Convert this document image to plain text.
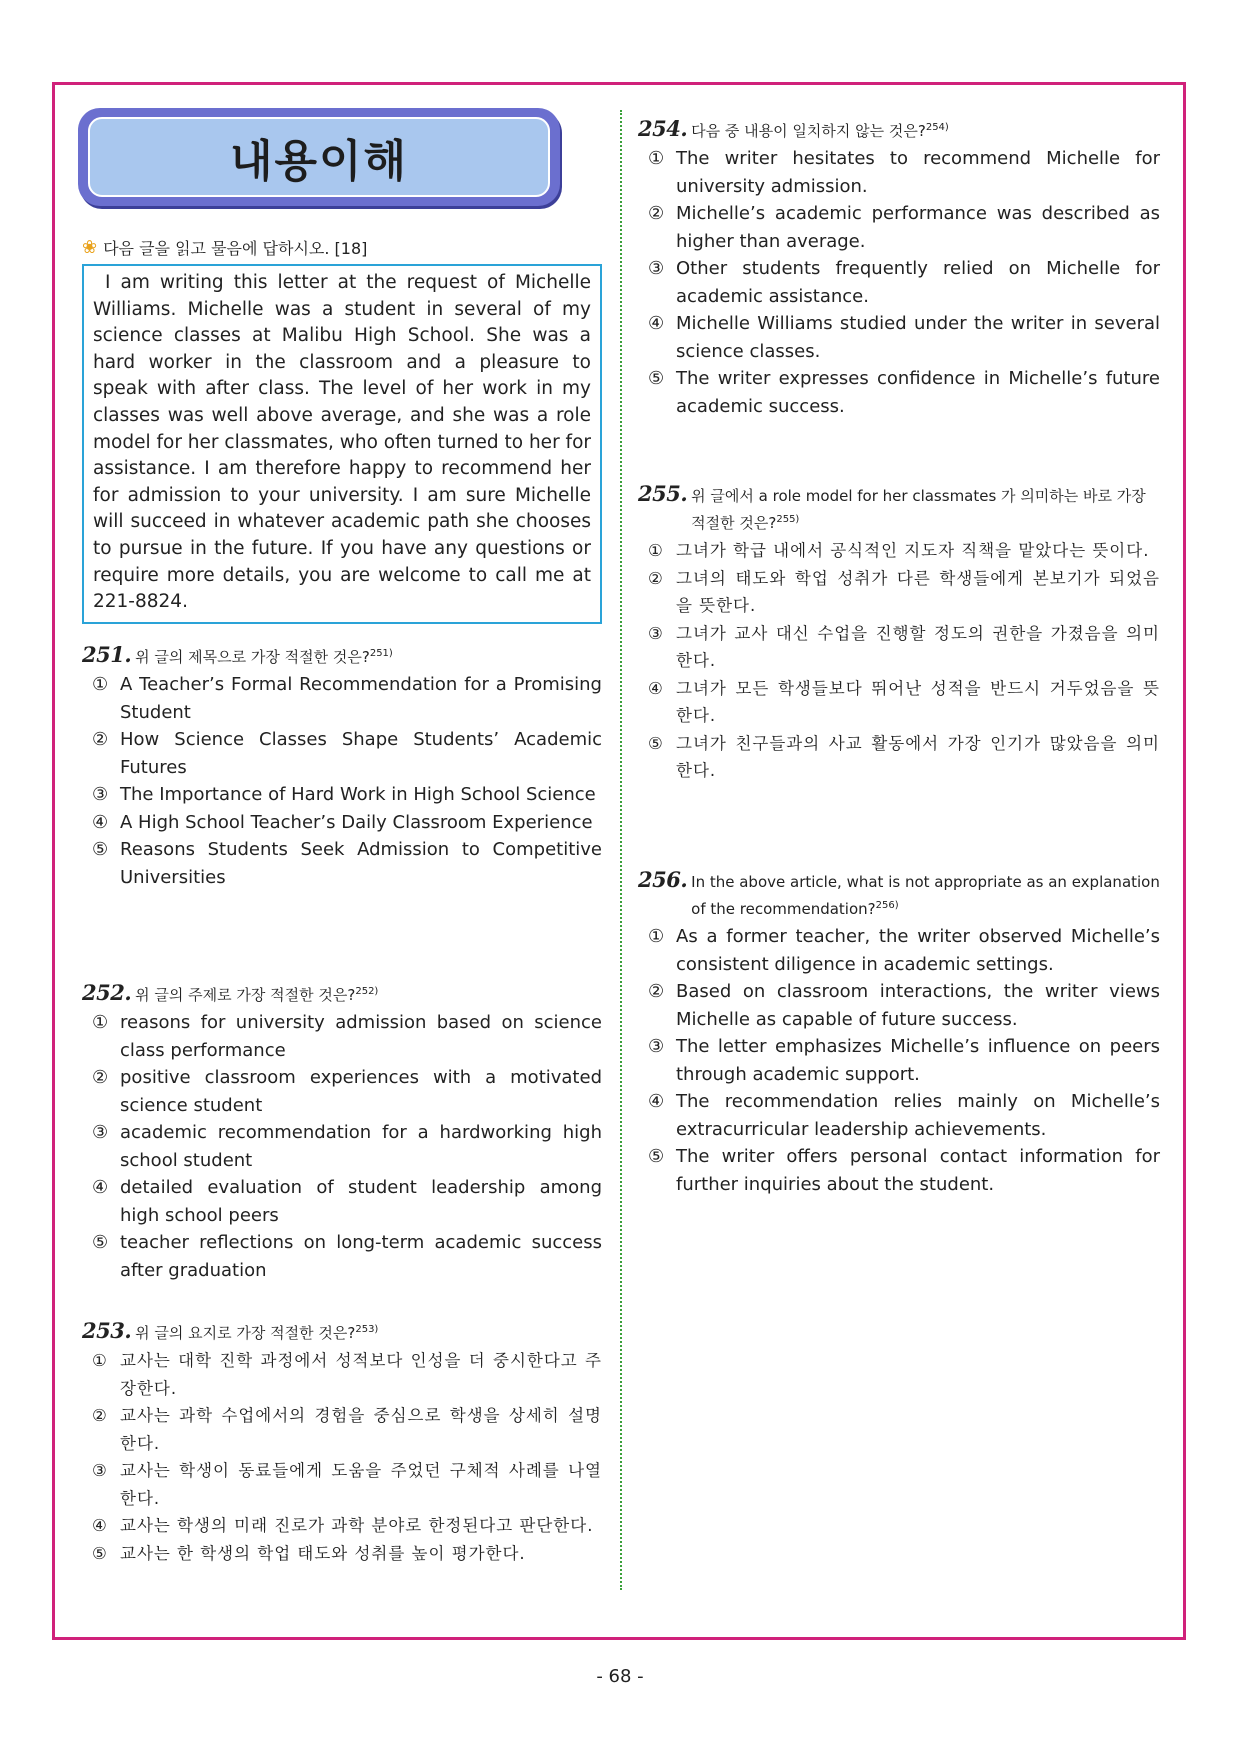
내용이해
❀ 다음 글을 읽고 물음에 답하시오. [18]

I am writing this letter at the request of Michelle Williams. Michelle was a student in several of my science classes at Malibu High School. She was a hard worker in the classroom and a pleasure to speak with after class. The level of her work in my classes was well above average, and she was a role model for her classmates, who often turned to her for assistance. I am therefore happy to recommend her for admission to your university. I am sure Michelle will succeed in whatever academic path she chooses to pursue in the future. If you have any questions or require more details, you are welcome to call me at 221-8824.

251. 위 글의 제목으로 가장 적절한 것은?$^{251)}$
① A Teacher’s Formal Recommendation for a Promising Student
② How Science Classes Shape Students’ Academic Futures
③ The Importance of Hard Work in High School Science
④ A High School Teacher’s Daily Classroom Experience
⑤ Reasons Students Seek Admission to Competitive Universities
252. 위 글의 주제로 가장 적절한 것은?$^{252)}$
① reasons for university admission based on science class performance
② positive classroom experiences with a motivated science student
③ academic recommendation for a hardworking high school student
④ detailed evaluation of student leadership among high school peers
⑤ teacher reflections on long-term academic success after graduation
253. 위 글의 요지로 가장 적절한 것은?$^{253)}$
① 교사는 대학 진학 과정에서 성적보다 인성을 더 중시한다고 주장한다.
② 교사는 과학 수업에서의 경험을 중심으로 학생을 상세히 설명한다.
③ 교사는 학생이 동료들에게 도움을 주었던 구체적 사례를 나열한다.
④ 교사는 학생의 미래 진로가 과학 분야로 한정된다고 판단한다.
⑤ 교사는 한 학생의 학업 태도와 성취를 높이 평가한다.
254. 다음 중 내용이 일치하지 않는 것은?$^{254)}$
① The writer hesitates to recommend Michelle for university admission.
② Michelle’s academic performance was described as higher than average.
③ Other students frequently relied on Michelle for academic assistance.
④ Michelle Williams studied under the writer in several science classes.
⑤ The writer expresses confidence in Michelle’s future academic success.
255. 위 글에서 a role model for her classmates 가 의미하는 바로 가장 적절한 것은?$^{255)}$
① 그녀가 학급 내에서 공식적인 지도자 직책을 맡았다는 뜻이다.
② 그녀의 태도와 학업 성취가 다른 학생들에게 본보기가 되었음을 뜻한다.
③ 그녀가 교사 대신 수업을 진행할 정도의 권한을 가졌음을 의미한다.
④ 그녀가 모든 학생들보다 뛰어난 성적을 반드시 거두었음을 뜻한다.
⑤ 그녀가 친구들과의 사교 활동에서 가장 인기가 많았음을 의미한다.
256. In the above article, what is not appropriate as an explanation of the recommendation?$^{256)}$
① As a former teacher, the writer observed Michelle’s consistent diligence in academic settings.
② Based on classroom interactions, the writer views Michelle as capable of future success.
③ The letter emphasizes Michelle’s influence on peers through academic support.
④ The recommendation relies mainly on Michelle’s extracurricular leadership achievements.
⑤ The writer offers personal contact information for further inquiries about the student.
- 68 -
